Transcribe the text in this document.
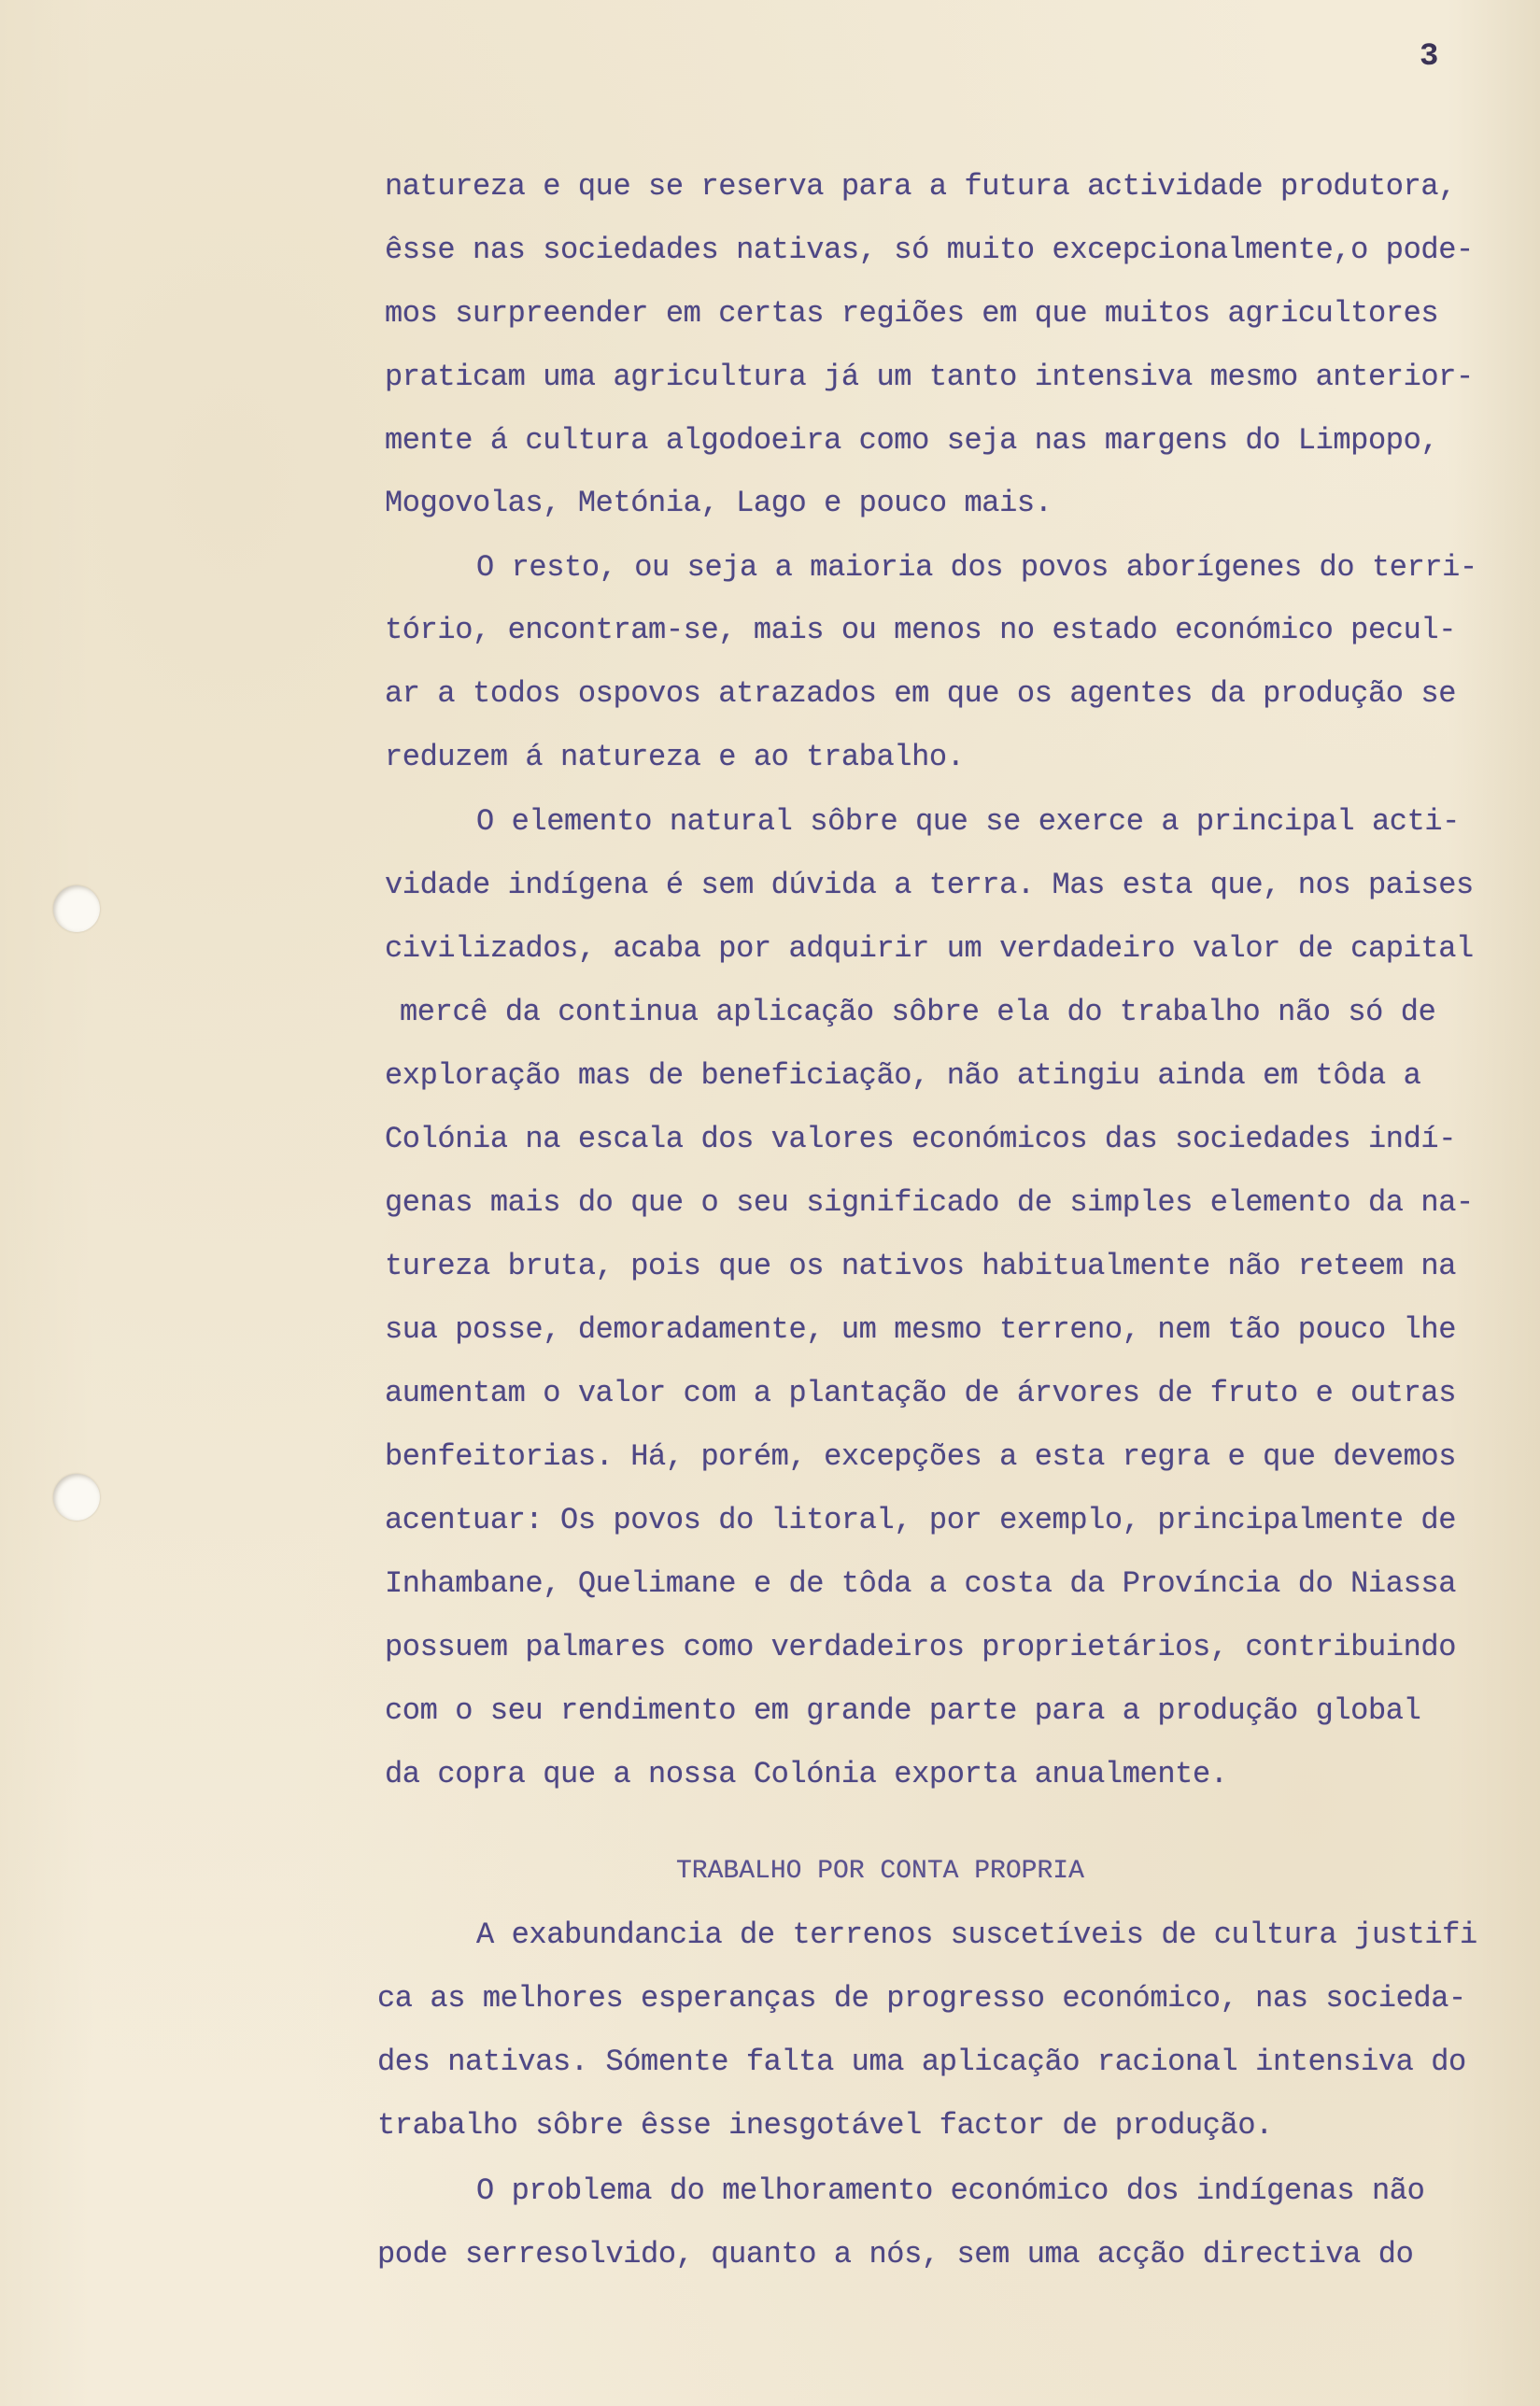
3
natureza e que se reserva para a futura actividade produtora,
êsse nas sociedades nativas, só muito excepcionalmente,o pode-
mos surpreender em certas regiões em que muitos agricultores
praticam uma agricultura já um tanto intensiva mesmo anterior-
mente á cultura algodoeira como seja nas margens do Limpopo,
Mogovolas, Metónia, Lago e pouco mais.
O resto, ou seja a maioria dos povos aborígenes do terri-
tório, encontram-se, mais ou menos no estado económico pecul-
ar a todos ospovos atrazados em que os agentes da produção se
reduzem á natureza e ao trabalho.
O elemento natural sôbre que se exerce a principal acti-
vidade indígena é sem dúvida a terra. Mas esta que, nos paises
civilizados, acaba por adquirir um verdadeiro valor de capital
mercê da continua aplicação sôbre ela do trabalho não só de
exploração mas de beneficiação, não atingiu ainda em tôda a
Colónia na escala dos valores económicos das sociedades indí-
genas mais do que o seu significado de simples elemento da na-
tureza bruta, pois que os nativos habitualmente não reteem na
sua posse, demoradamente, um mesmo terreno, nem tão pouco lhe
aumentam o valor com a plantação de árvores de fruto e outras
benfeitorias. Há, porém, excepções a esta regra e que devemos
acentuar: Os povos do litoral, por exemplo, principalmente de
Inhambane, Quelimane e de tôda a costa da Província do Niassa
possuem palmares como verdadeiros proprietários, contribuindo
com o seu rendimento em grande parte para a produção global
da copra que a nossa Colónia exporta anualmente.
TRABALHO POR CONTA PROPRIA
A exabundancia de terrenos suscetíveis de cultura justifi
ca as melhores esperanças de progresso económico, nas socieda-
des nativas. Sómente falta uma aplicação racional intensiva do
trabalho sôbre êsse inesgotável factor de produção.
O problema do melhoramento económico dos indígenas não
pode serresolvido, quanto a nós, sem uma acção directiva do
